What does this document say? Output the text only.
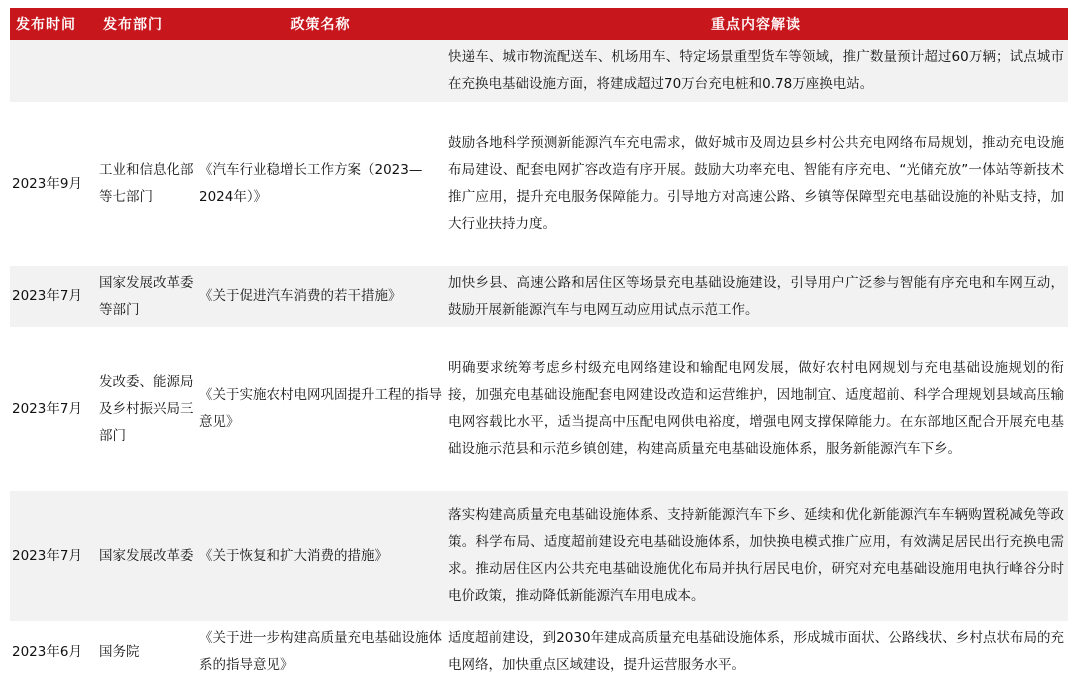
发布时间	发布部门	政策名称	重点内容解读
			快递车、城市物流配送车、机场用车、特定场景重型货车等领域，推广数量预计超过60万辆；试点城市在充换电基础设施方面，将建成超过70万台充电桩和0.78万座换电站。
2023年9月	工业和信息化部等七部门	《汽车行业稳增长工作方案（2023—2024年）》	鼓励各地科学预测新能源汽车充电需求，做好城市及周边县乡村公共充电网络布局规划，推动充电设施布局建设、配套电网扩容改造有序开展。鼓励大功率充电、智能有序充电、“光储充放”一体站等新技术推广应用，提升充电服务保障能力。引导地方对高速公路、乡镇等保障型充电基础设施的补贴支持，加大行业扶持力度。
2023年7月	国家发展改革委等部门	《关于促进汽车消费的若干措施》	加快乡县、高速公路和居住区等场景充电基础设施建设，引导用户广泛参与智能有序充电和车网互动，鼓励开展新能源汽车与电网互动应用试点示范工作。
2023年7月	发改委、能源局及乡村振兴局三部门	《关于实施农村电网巩固提升工程的指导意见》	明确要求统筹考虑乡村级充电网络建设和输配电网发展，做好农村电网规划与充电基础设施规划的衔接，加强充电基础设施配套电网建设改造和运营维护，因地制宜、适度超前、科学合理规划县域高压输电网容载比水平，适当提高中压配电网供电裕度，增强电网支撑保障能力。在东部地区配合开展充电基础设施示范县和示范乡镇创建，构建高质量充电基础设施体系，服务新能源汽车下乡。
2023年7月	国家发展改革委	《关于恢复和扩大消费的措施》	落实构建高质量充电基础设施体系、支持新能源汽车下乡、延续和优化新能源汽车车辆购置税减免等政策。科学布局、适度超前建设充电基础设施体系，加快换电模式推广应用，有效满足居民出行充换电需求。推动居住区内公共充电基础设施优化布局并执行居民电价，研究对充电基础设施用电执行峰谷分时电价政策，推动降低新能源汽车用电成本。
2023年6月	国务院	《关于进一步构建高质量充电基础设施体系的指导意见》	适度超前建设，到2030年建成高质量充电基础设施体系，形成城市面状、公路线状、乡村点状布局的充电网络，加快重点区域建设，提升运营服务水平。
